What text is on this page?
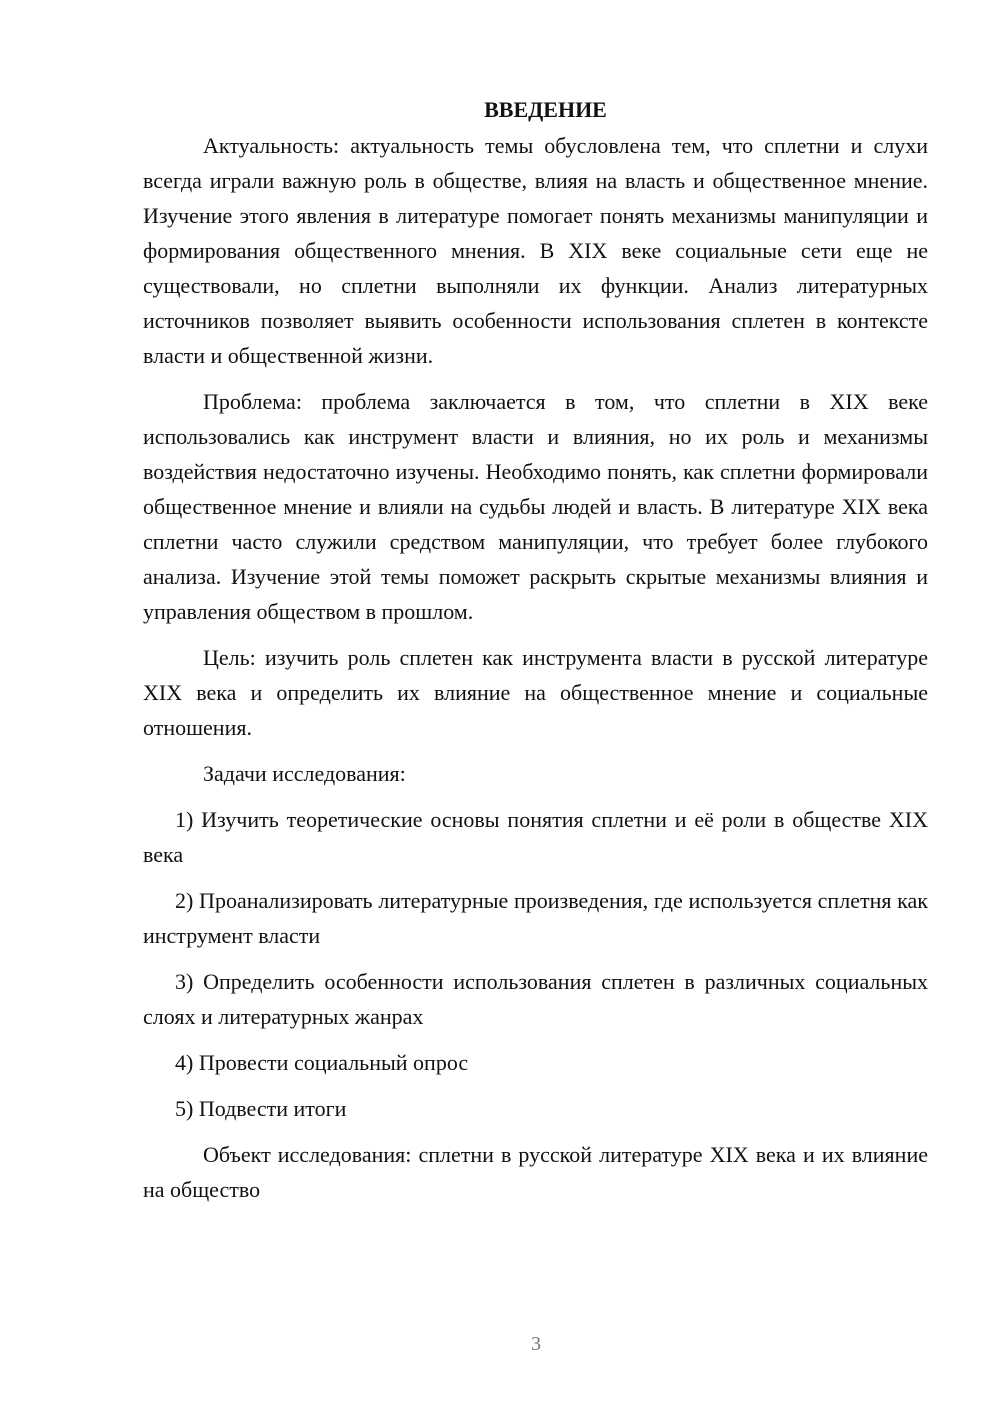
ВВЕДЕНИЕ

Актуальность: актуальность темы обусловлена тем, что сплетни и слухи всегда играли важную роль в обществе, влияя на власть и общественное мнение. Изучение этого явления в литературе помогает понять механизмы манипуляции и формирования общественного мнения. В XIX веке социальные сети еще не существовали, но сплетни выполняли их функции. Анализ литературных источников позволяет выявить особенности использования сплетен в контексте власти и общественной жизни.

Проблема: проблема заключается в том, что сплетни в XIX веке использовались как инструмент власти и влияния, но их роль и механизмы воздействия недостаточно изучены. Необходимо понять, как сплетни формировали общественное мнение и влияли на судьбы людей и власть. В литературе XIX века сплетни часто служили средством манипуляции, что требует более глубокого анализа. Изучение этой темы поможет раскрыть скрытые механизмы влияния и управления обществом в прошлом.

Цель: изучить роль сплетен как инструмента власти в русской литературе XIX века и определить их влияние на общественное мнение и социальные отношения.

Задачи исследования:

1) Изучить теоретические основы понятия сплетни и её роли в обществе XIX века

2) Проанализировать литературные произведения, где используется сплетня как инструмент власти

3) Определить особенности использования сплетен в различных социальных слоях и литературных жанрах

4) Провести социальный опрос

5) Подвести итоги

Объект исследования: сплетни в русской литературе XIX века и их влияние на общество

3
